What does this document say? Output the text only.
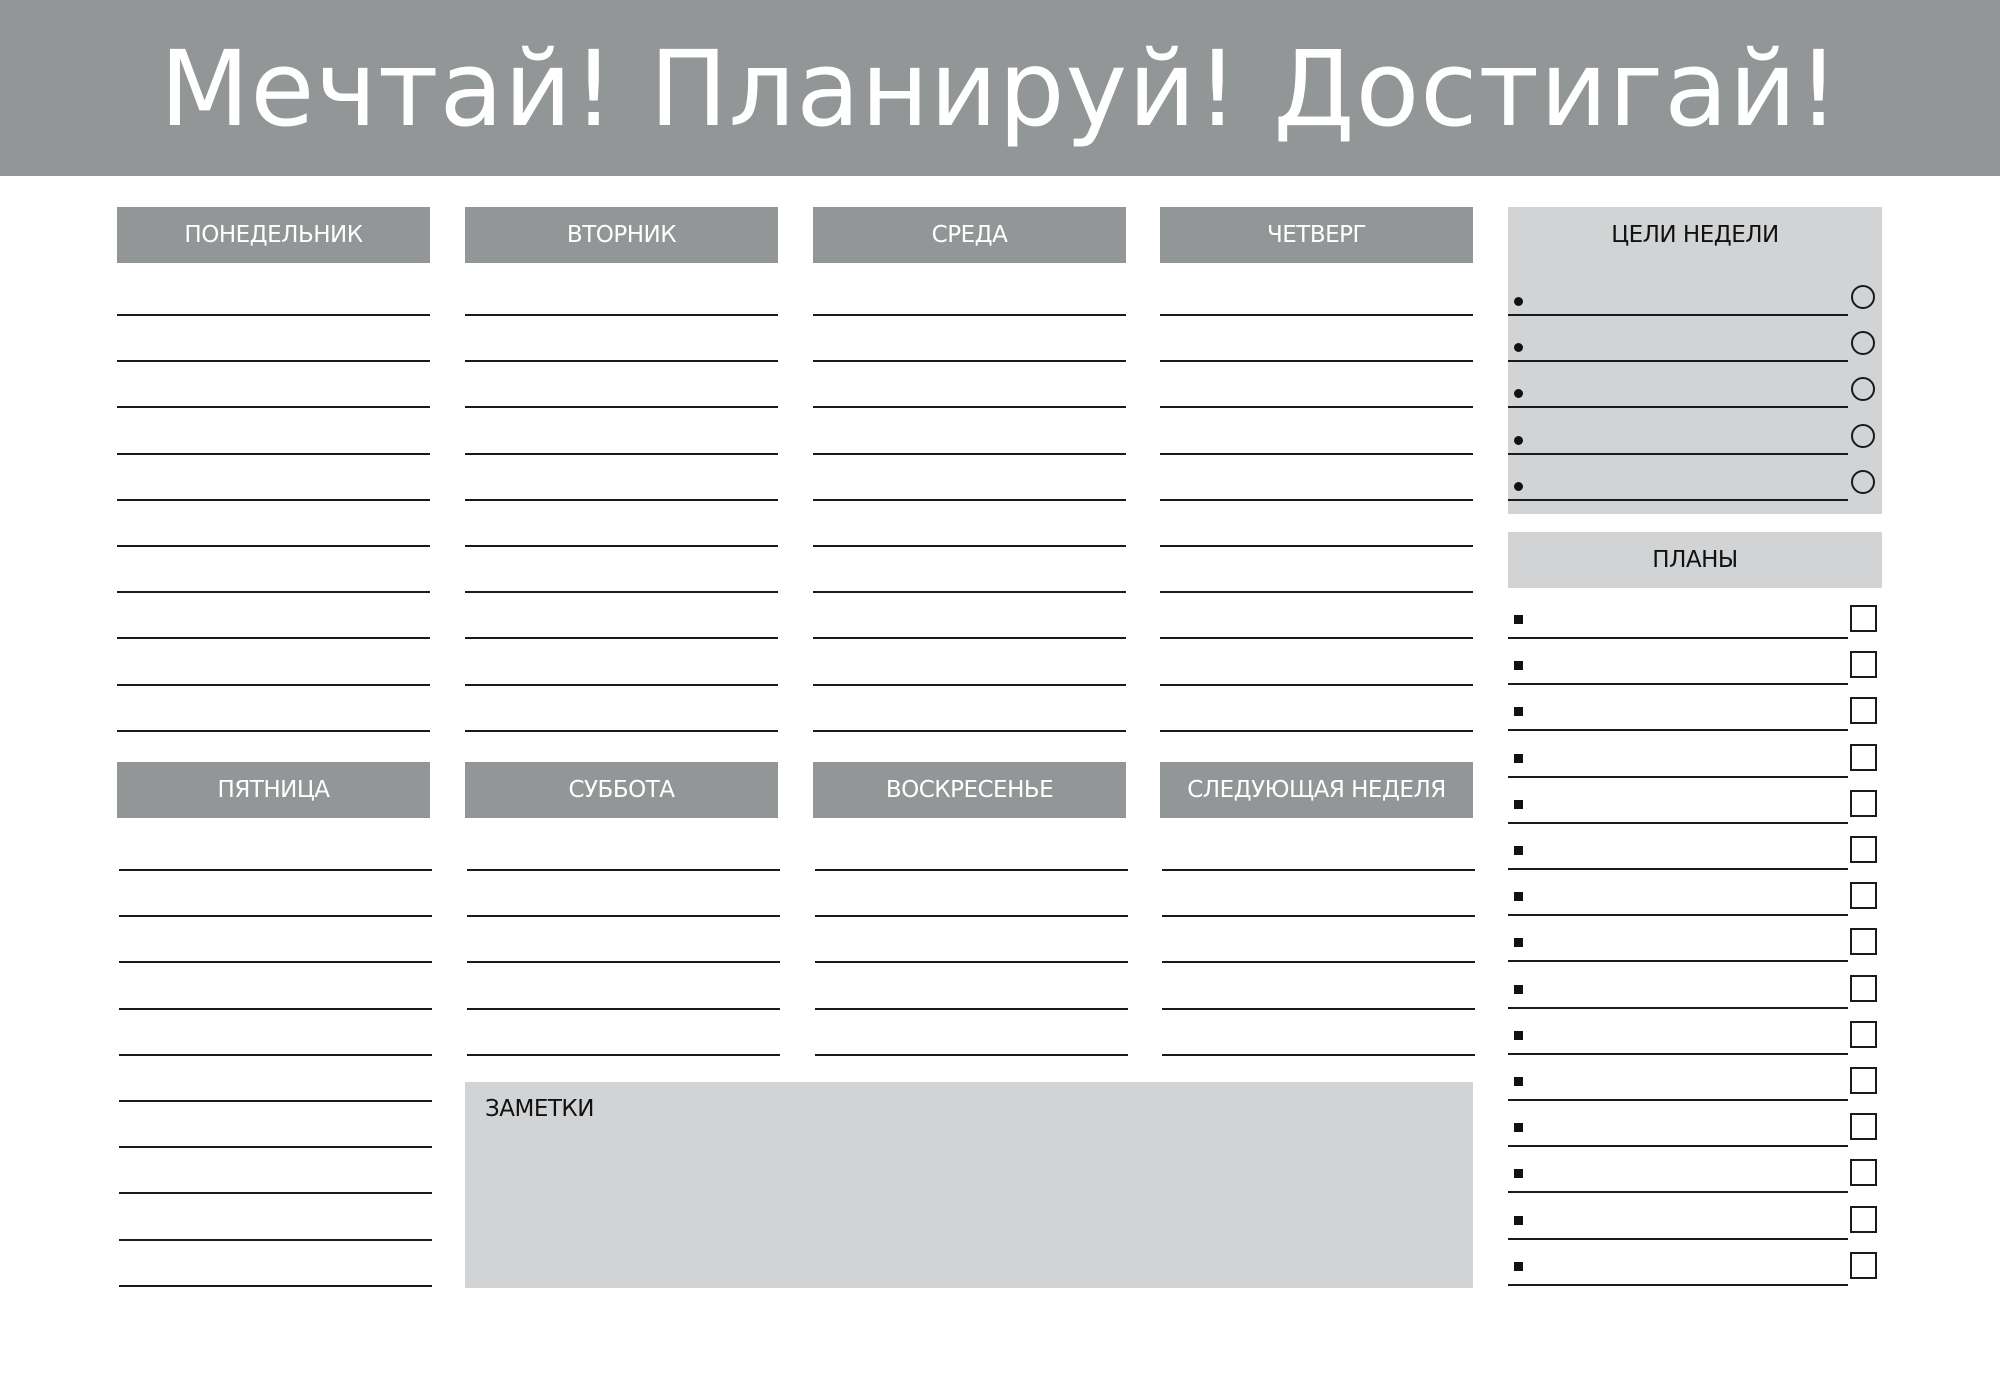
Мечтай! Планируй! Достигай!
ПОНЕДЕЛЬНИК	ВТОРНИК	СРЕДА	ЧЕТВЕРГ
ПЯТНИЦА	СУББОТА	ВОСКРЕСЕНЬЕ	СЛЕДУЮЩАЯ НЕДЕЛЯ
ЦЕЛИ НЕДЕЛИ
ПЛАНЫ
ЗАМЕТКИ
